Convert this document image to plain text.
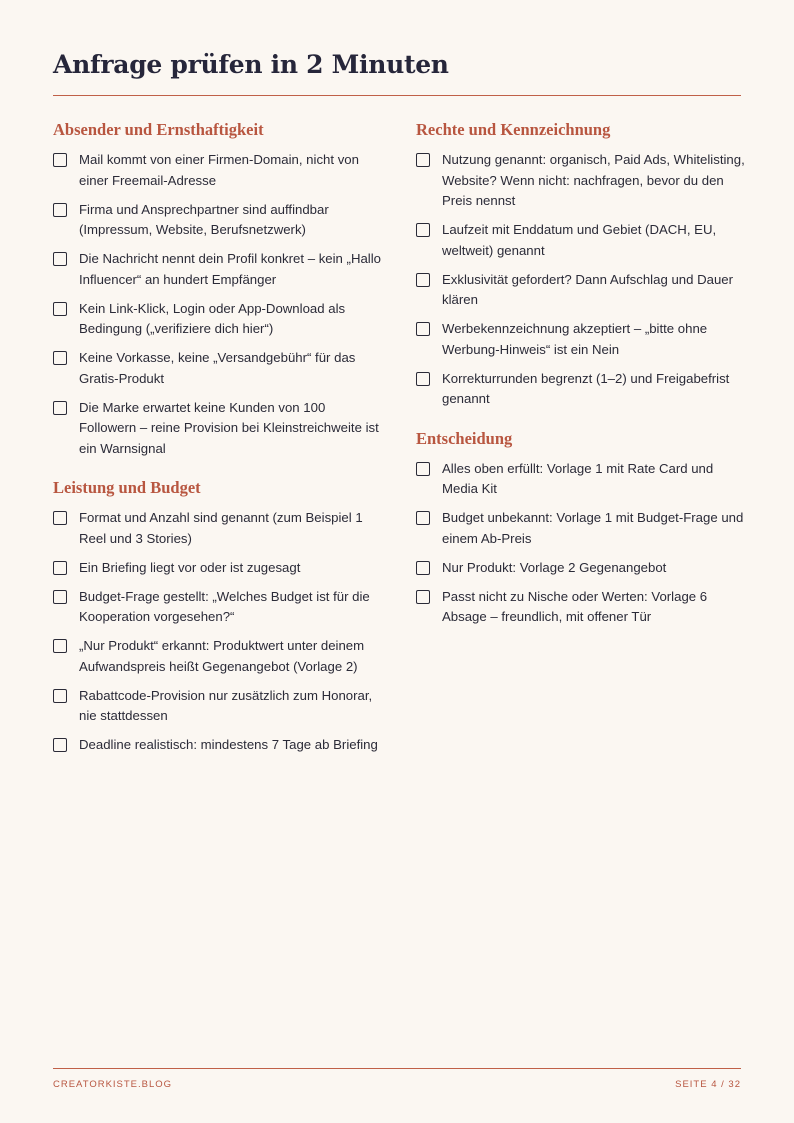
Anfrage prüfen in 2 Minuten
Absender und Ernsthaftigkeit
Mail kommt von einer Firmen-Domain, nicht von einer Freemail-Adresse
Firma und Ansprechpartner sind auffindbar (Impressum, Website, Berufsnetzwerk)
Die Nachricht nennt dein Profil konkret – kein „Hallo Influencer“ an hundert Empfänger
Kein Link-Klick, Login oder App-Download als Bedingung („verifiziere dich hier“)
Keine Vorkasse, keine „Versandgebühr“ für das Gratis-Produkt
Die Marke erwartet keine Kunden von 100 Followern – reine Provision bei Kleinstreichweite ist ein Warnsignal
Leistung und Budget
Format und Anzahl sind genannt (zum Beispiel 1 Reel und 3 Stories)
Ein Briefing liegt vor oder ist zugesagt
Budget-Frage gestellt: „Welches Budget ist für die Kooperation vorgesehen?“
„Nur Produkt“ erkannt: Produktwert unter deinem Aufwandspreis heißt Gegenangebot (Vorlage 2)
Rabattcode-Provision nur zusätzlich zum Honorar, nie stattdessen
Deadline realistisch: mindestens 7 Tage ab Briefing
Rechte und Kennzeichnung
Nutzung genannt: organisch, Paid Ads, Whitelisting, Website? Wenn nicht: nachfragen, bevor du den Preis nennst
Laufzeit mit Enddatum und Gebiet (DACH, EU, weltweit) genannt
Exklusivität gefordert? Dann Aufschlag und Dauer klären
Werbekennzeichnung akzeptiert – „bitte ohne Werbung-Hinweis“ ist ein Nein
Korrekturrunden begrenzt (1–2) und Freigabefrist genannt
Entscheidung
Alles oben erfüllt: Vorlage 1 mit Rate Card und Media Kit
Budget unbekannt: Vorlage 1 mit Budget-Frage und einem Ab-Preis
Nur Produkt: Vorlage 2 Gegenangebot
Passt nicht zu Nische oder Werten: Vorlage 6 Absage – freundlich, mit offener Tür
CREATORKISTE.BLOG	SEITE 4 / 32
